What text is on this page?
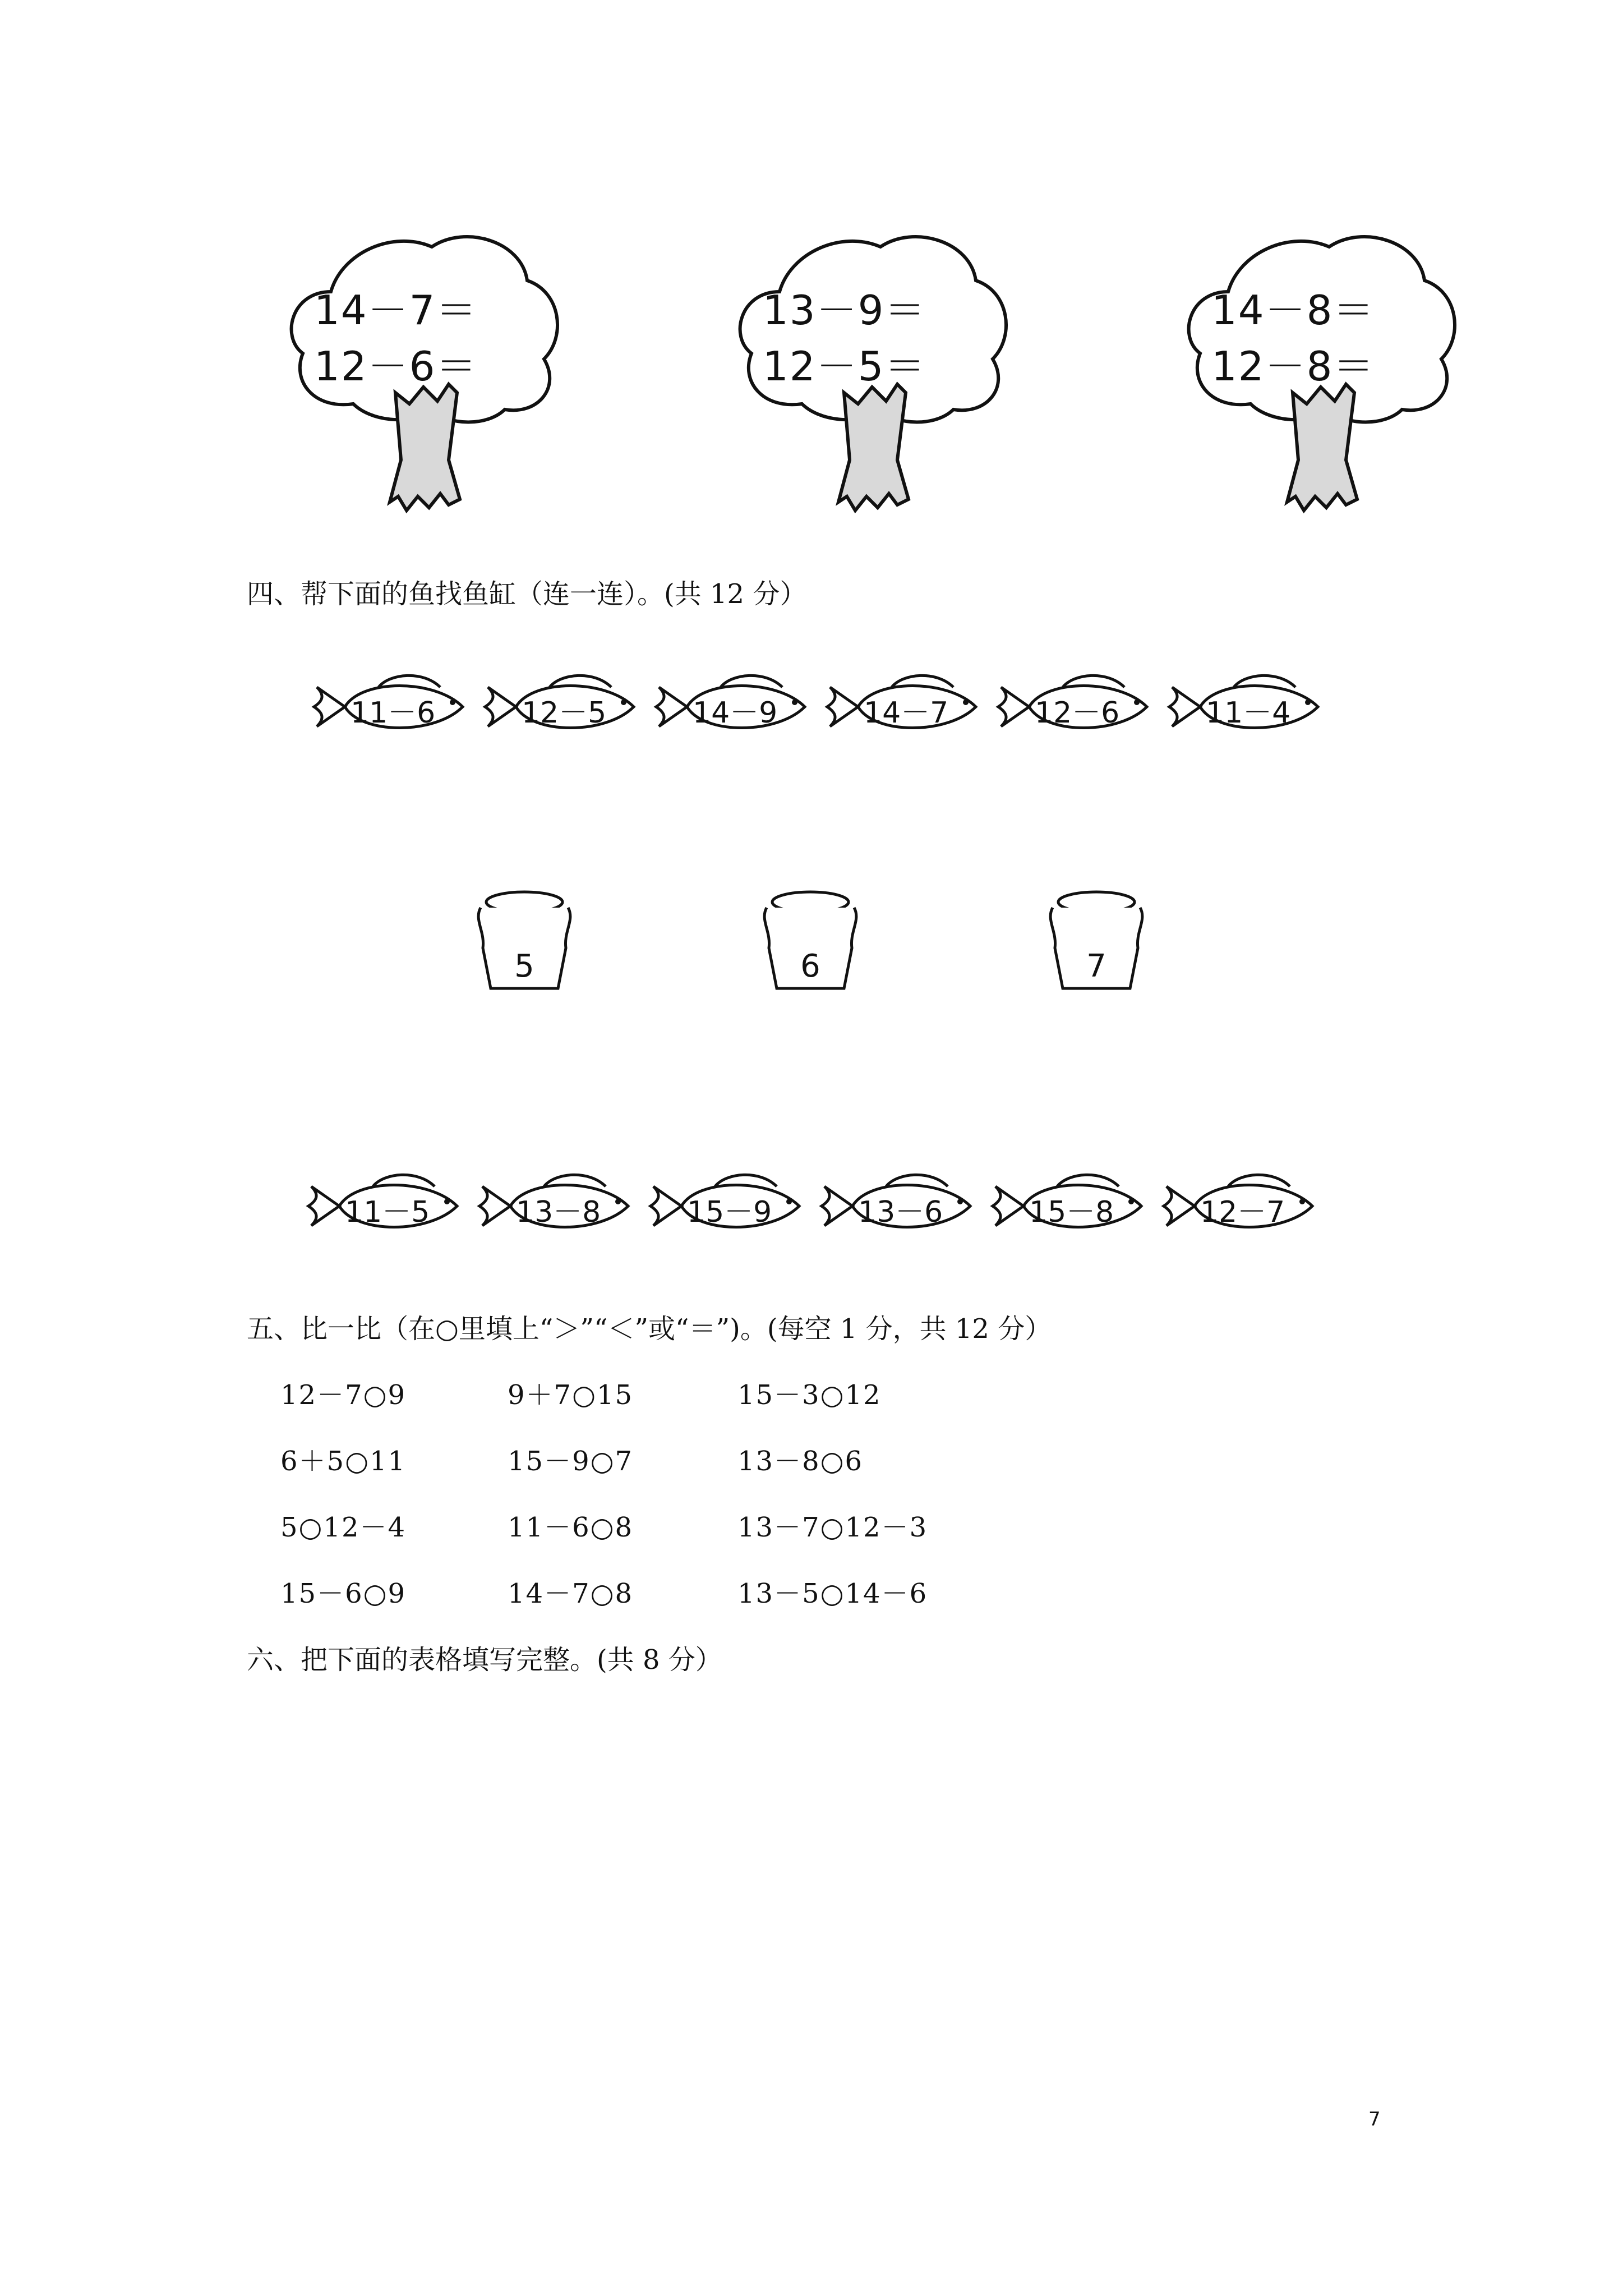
14－7＝
12－6＝
13－9＝
12－5＝
14－8＝
12－8＝
四、帮下面的鱼找鱼缸（连一连）。(共 12 分）
11－6	12－5	14－9	14－7	12－6	11－4
5	6	7
11－5	13－8	15－9	13－6	15－8	12－7
五、比一比（在○里填上“＞”“＜”或“＝”)。(每空 1 分，共 12 分）
12－7○9	9＋7○15	15－3○12
6＋5○11	15－9○7	13－8○6
5○12－4	11－6○8	13－7○12－3
15－6○9	14－7○8	13－5○14－6
六、把下面的表格填写完整。(共 8 分）
7
